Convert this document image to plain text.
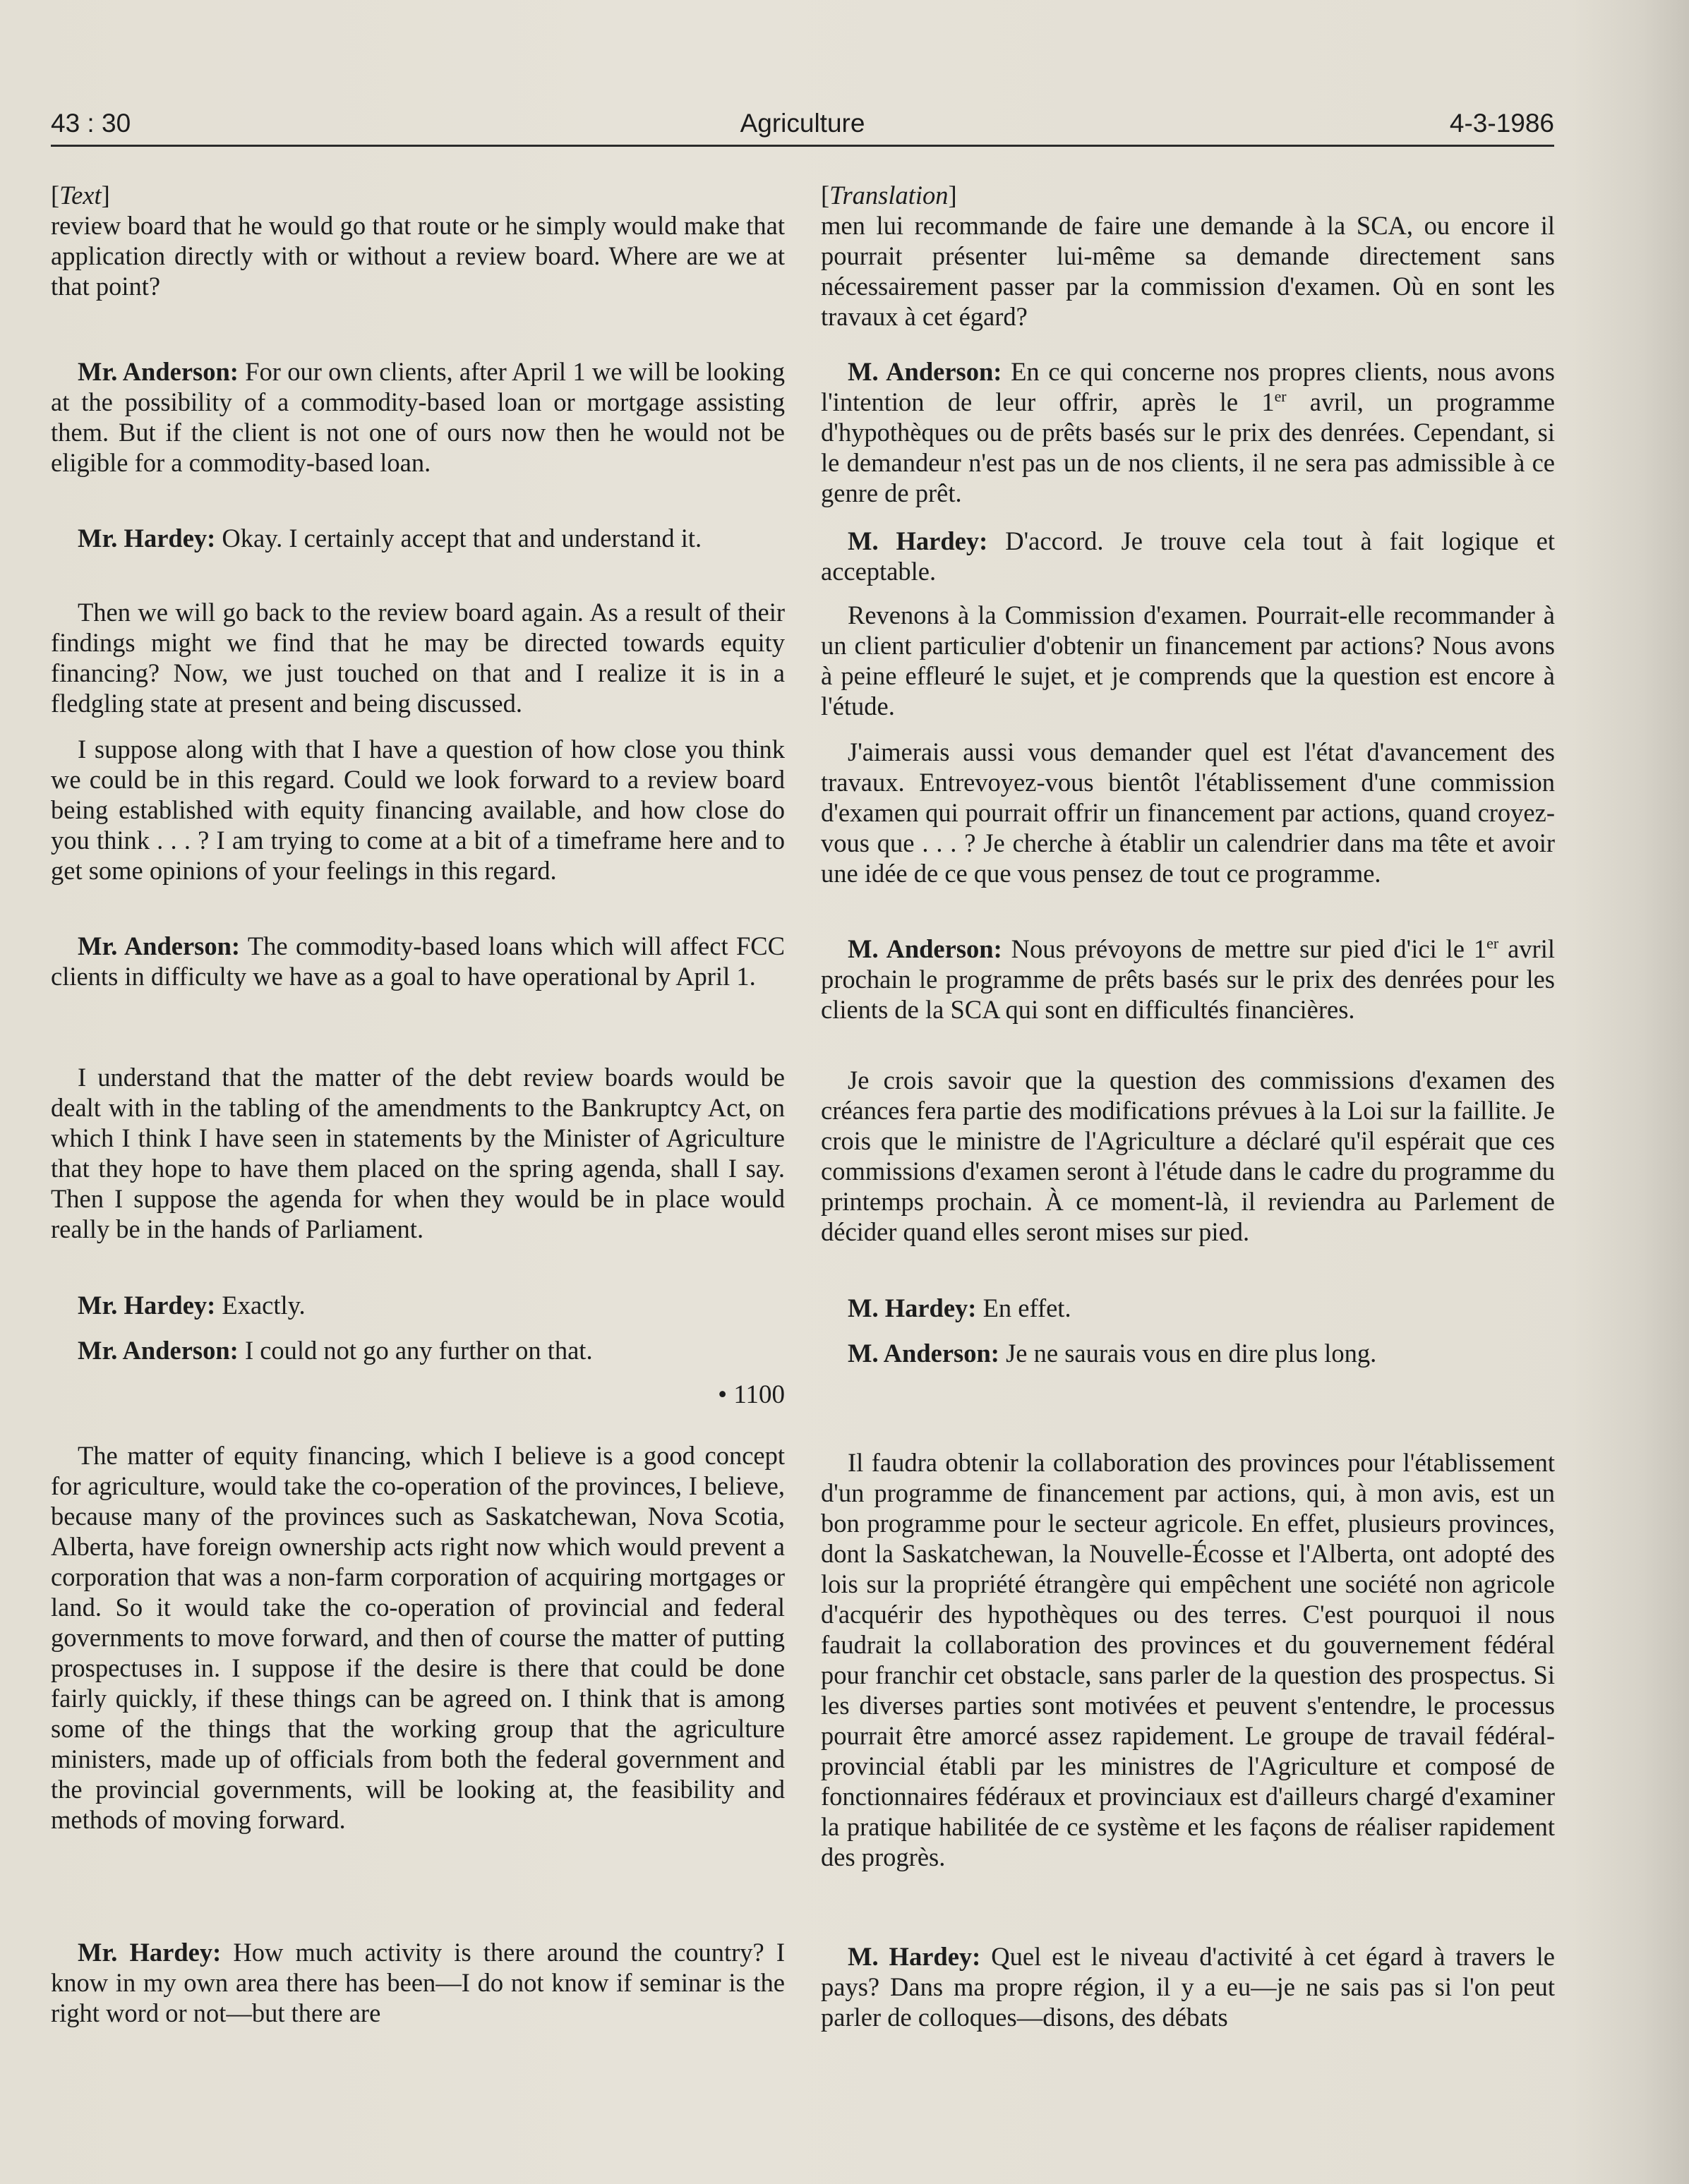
43 : 30	Agriculture	4-3-1986
[Text]

review board that he would go that route or he simply would make that application directly with or without a review board. Where are we at that point?

Mr. Anderson: For our own clients, after April 1 we will be looking at the possibility of a commodity-based loan or mortgage assisting them. But if the client is not one of ours now then he would not be eligible for a commodity-based loan.

Mr. Hardey: Okay. I certainly accept that and understand it.

Then we will go back to the review board again. As a result of their findings might we find that he may be directed towards equity financing? Now, we just touched on that and I realize it is in a fledgling state at present and being discussed.

I suppose along with that I have a question of how close you think we could be in this regard. Could we look forward to a review board being established with equity financing available, and how close do you think . . . ? I am trying to come at a bit of a timeframe here and to get some opinions of your feelings in this regard.

Mr. Anderson: The commodity-based loans which will affect FCC clients in difficulty we have as a goal to have operational by April 1.

I understand that the matter of the debt review boards would be dealt with in the tabling of the amendments to the Bankruptcy Act, on which I think I have seen in statements by the Minister of Agriculture that they hope to have them placed on the spring agenda, shall I say. Then I suppose the agenda for when they would be in place would really be in the hands of Parliament.

Mr. Hardey: Exactly.

Mr. Anderson: I could not go any further on that.

• 1100

The matter of equity financing, which I believe is a good concept for agriculture, would take the co-operation of the provinces, I believe, because many of the provinces such as Saskatchewan, Nova Scotia, Alberta, have foreign ownership acts right now which would prevent a corporation that was a non-farm corporation of acquiring mortgages or land. So it would take the co-operation of provincial and federal governments to move forward, and then of course the matter of putting prospectuses in. I suppose if the desire is there that could be done fairly quickly, if these things can be agreed on. I think that is among some of the things that the working group that the agriculture ministers, made up of officials from both the federal government and the provincial governments, will be looking at, the feasibility and methods of moving forward.

Mr. Hardey: How much activity is there around the country? I know in my own area there has been—I do not know if seminar is the right word or not—but there are

[Translation]

men lui recommande de faire une demande à la SCA, ou encore il pourrait présenter lui-même sa demande directement sans nécessairement passer par la commission d'examen. Où en sont les travaux à cet égard?

M. Anderson: En ce qui concerne nos propres clients, nous avons l'intention de leur offrir, après le 1er avril, un programme d'hypothèques ou de prêts basés sur le prix des denrées. Cependant, si le demandeur n'est pas un de nos clients, il ne sera pas admissible à ce genre de prêt.

M. Hardey: D'accord. Je trouve cela tout à fait logique et acceptable.

Revenons à la Commission d'examen. Pourrait-elle recommander à un client particulier d'obtenir un financement par actions? Nous avons à peine effleuré le sujet, et je comprends que la question est encore à l'étude.

J'aimerais aussi vous demander quel est l'état d'avancement des travaux. Entrevoyez-vous bientôt l'établissement d'une commission d'examen qui pourrait offrir un financement par actions, quand croyez-vous que . . . ? Je cherche à établir un calendrier dans ma tête et avoir une idée de ce que vous pensez de tout ce programme.

M. Anderson: Nous prévoyons de mettre sur pied d'ici le 1er avril prochain le programme de prêts basés sur le prix des denrées pour les clients de la SCA qui sont en difficultés financières.

Je crois savoir que la question des commissions d'examen des créances fera partie des modifications prévues à la Loi sur la faillite. Je crois que le ministre de l'Agriculture a déclaré qu'il espérait que ces commissions d'examen seront à l'étude dans le cadre du programme du printemps prochain. À ce moment-là, il reviendra au Parlement de décider quand elles seront mises sur pied.

M. Hardey: En effet.

M. Anderson: Je ne saurais vous en dire plus long.

Il faudra obtenir la collaboration des provinces pour l'établissement d'un programme de financement par actions, qui, à mon avis, est un bon programme pour le secteur agricole. En effet, plusieurs provinces, dont la Saskatchewan, la Nouvelle-Écosse et l'Alberta, ont adopté des lois sur la propriété étrangère qui empêchent une société non agricole d'acquérir des hypothèques ou des terres. C'est pourquoi il nous faudrait la collaboration des provinces et du gouvernement fédéral pour franchir cet obstacle, sans parler de la question des prospectus. Si les diverses parties sont motivées et peuvent s'entendre, le processus pourrait être amorcé assez rapidement. Le groupe de travail fédéral-provincial établi par les ministres de l'Agriculture et composé de fonctionnaires fédéraux et provinciaux est d'ailleurs chargé d'examiner la pratique habilitée de ce système et les façons de réaliser rapidement des progrès.

M. Hardey: Quel est le niveau d'activité à cet égard à travers le pays? Dans ma propre région, il y a eu—je ne sais pas si l'on peut parler de colloques—disons, des débats
